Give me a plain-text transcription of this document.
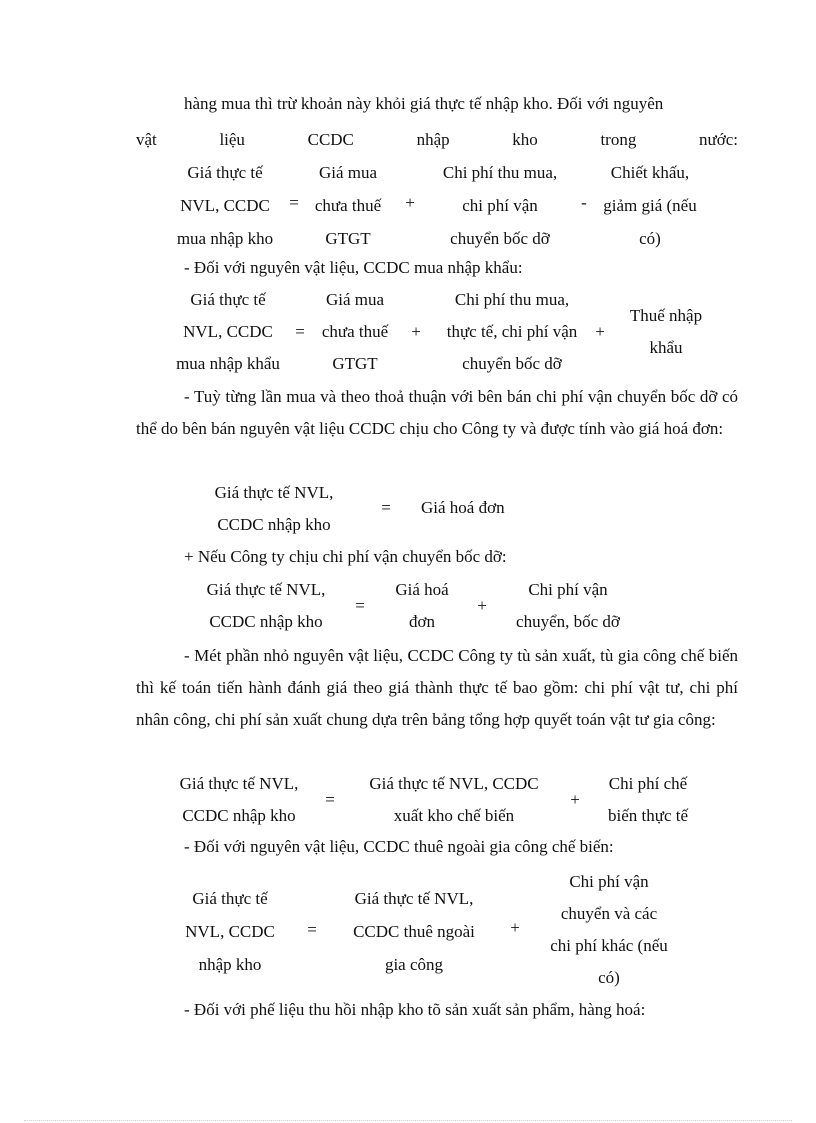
hàng mua thì trừ khoản này khỏi giá thực tế nhập kho. Đối với nguyên
vật liệu CCDC nhập kho trong nước:
Giá thực tế
NVL, CCDC
mua nhập kho
=
Giá mua
chưa thuế
GTGT
+
Chi phí thu mua,
chi phí vận
chuyển bốc dỡ
-
Chiết khấu,
giảm giá (nếu
có)
- Đối với nguyên vật liệu, CCDC mua nhập khẩu:
Giá thực tế
NVL, CCDC
mua nhập khẩu
=
Giá mua
chưa thuế
GTGT
+
Chi phí thu mua,
thực tế, chi phí vận
chuyển bốc dỡ
+
Thuế nhập
khẩu
- Tuỳ từng lần mua và theo thoả thuận với bên bán chi phí vận chuyển bốc dỡ có thể do bên bán nguyên vật liệu CCDC chịu cho Công ty và được tính vào giá hoá đơn:
Giá thực tế NVL,
CCDC nhập kho
= Giá hoá đơn
+ Nếu Công ty chịu chi phí vận chuyển bốc dỡ:
Giá thực tế NVL,
CCDC nhập kho
=
Giá hoá
đơn
+
Chi phí vận
chuyển, bốc dỡ
- Mét phần nhỏ nguyên vật liệu, CCDC Công ty tù sản xuất, tù gia công chế biến thì kế toán tiến hành đánh giá theo giá thành thực tế bao gồm: chi phí vật tư, chi phí nhân công, chi phí sản xuất chung dựa trên bảng tổng hợp quyết toán vật tư gia công:
Giá thực tế NVL,
CCDC nhập kho
=
Giá thực tế NVL, CCDC
xuất kho chế biến
+
Chi phí chế
biến thực tế
- Đối với nguyên vật liệu, CCDC thuê ngoài gia công chế biến:
Giá thực tế
NVL, CCDC
nhập kho
=
Giá thực tế NVL,
CCDC thuê ngoài
gia công
+
Chi phí vận
chuyển và các
chi phí khác (nếu
có)
- Đối với phế liệu thu hồi nhập kho tõ sản xuất sản phẩm, hàng hoá:
